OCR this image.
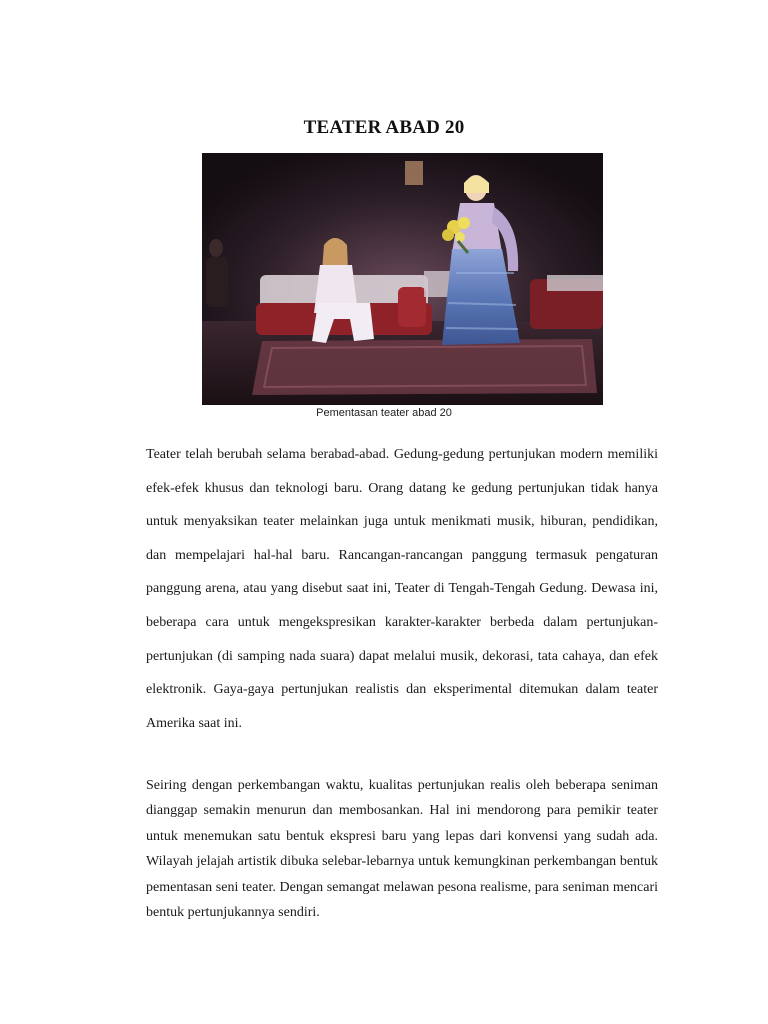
TEATER ABAD 20
Pementasan teater abad 20

Teater telah berubah selama berabad-abad. Gedung-gedung pertunjukan modern memiliki efek-efek khusus dan teknologi baru. Orang datang ke gedung pertunjukan tidak hanya untuk menyaksikan teater melainkan juga untuk menikmati musik, hiburan, pendidikan, dan mempelajari hal-hal baru. Rancangan-rancangan panggung termasuk pengaturan panggung arena, atau yang disebut saat ini, Teater di Tengah-Tengah Gedung. Dewasa ini, beberapa cara untuk mengekspresikan karakter-karakter berbeda dalam pertunjukan-pertunjukan (di samping nada suara) dapat melalui musik, dekorasi, tata cahaya, dan efek elektronik. Gaya-gaya pertunjukan realistis dan eksperimental ditemukan dalam teater Amerika saat ini.

Seiring dengan perkembangan waktu, kualitas pertunjukan realis oleh beberapa seniman dianggap semakin menurun dan membosankan. Hal ini mendorong para pemikir teater untuk menemukan satu bentuk ekspresi baru yang lepas dari konvensi yang sudah ada. Wilayah jelajah artistik dibuka selebar-lebarnya untuk kemungkinan perkembangan bentuk pementasan seni teater. Dengan semangat melawan pesona realisme, para seniman mencari bentuk pertunjukannya sendiri.
